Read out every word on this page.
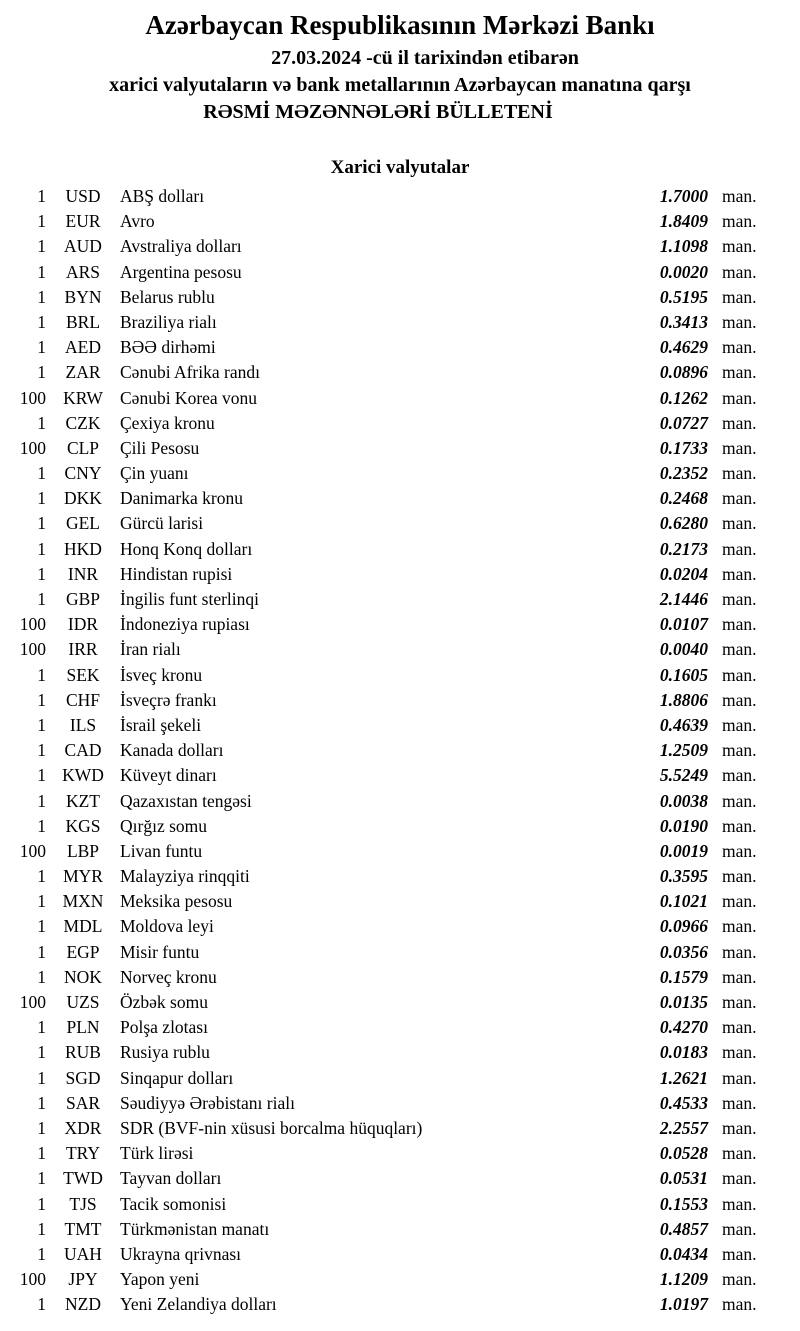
Azərbaycan Respublikasının Mərkəzi Bankı
27.03.2024 -cü il tarixindən etibarən
xarici valyutaların və bank metallarının Azərbaycan manatına qarşı
RƏSMİ MƏZƏNNƏLƏRİ BÜLLETENİ
Xarici valyutalar
1	USD	ABŞ dolları	1.7000 man.
1	EUR	Avro	1.8409 man.
1	AUD	Avstraliya dolları	1.1098 man.
1	ARS	Argentina pesosu	0.0020 man.
1	BYN	Belarus rublu	0.5195 man.
1	BRL	Braziliya rialı	0.3413 man.
1	AED	BƏƏ dirhəmi	0.4629 man.
1	ZAR	Cənubi Afrika randı	0.0896 man.
100 KRW Cənubi Korea vonu	0.1262 man.
1	CZK	Çexiya kronu	0.0727 man.
100	CLP	Çili Pesosu	0.1733 man.
1	CNY	Çin yuanı	0.2352 man.
1	DKK	Danimarka kronu	0.2468 man.
1	GEL	Gürcü larisi	0.6280 man.
1	HKD	Honq Konq dolları	0.2173 man.
1	INR	Hindistan rupisi	0.0204 man.
1	GBP	İngilis funt sterlinqi	2.1446 man.
100	IDR	İndoneziya rupiası	0.0107 man.
100	IRR	İran rialı	0.0040 man.
1	SEK	İsveç kronu	0.1605 man.
1	CHF	İsveçrə frankı	1.8806 man.
1	ILS	İsrail şekeli	0.4639 man.
1	CAD	Kanada dolları	1.2509 man.
1 KWD Küveyt dinarı	5.5249 man.
1	KZT	Qazaxıstan tengəsi	0.0038 man.
1	KGS	Qırğız somu	0.0190 man.
100	LBP	Livan funtu	0.0019 man.
1 MYR Malayziya rinqqiti	0.3595 man.
1 MXN Meksika pesosu	0.1021 man.
1	MDL	Moldova leyi	0.0966 man.
1	EGP	Misir funtu	0.0356 man.
1	NOK	Norveç kronu	0.1579 man.
100	UZS	Özbək somu	0.0135 man.
1	PLN	Polşa zlotası	0.4270 man.
1	RUB	Rusiya rublu	0.0183 man.
1	SGD	Sinqapur dolları	1.2621 man.
1	SAR	Səudiyyə Ərəbistanı rialı	0.4533 man.
1	XDR	SDR (BVF-nin xüsusi borcalma hüquqları)	2.2557 man.
1	TRY	Türk lirəsi	0.0528 man.
1 TWD Tayvan dolları	0.0531 man.
1	TJS	Tacik somonisi	0.1553 man.
1	TMT	Türkmənistan manatı	0.4857 man.
1	UAH	Ukrayna qrivnası	0.0434 man.
100	JPY	Yapon yeni	1.1209 man.
1	NZD	Yeni Zelandiya dolları	1.0197 man.
